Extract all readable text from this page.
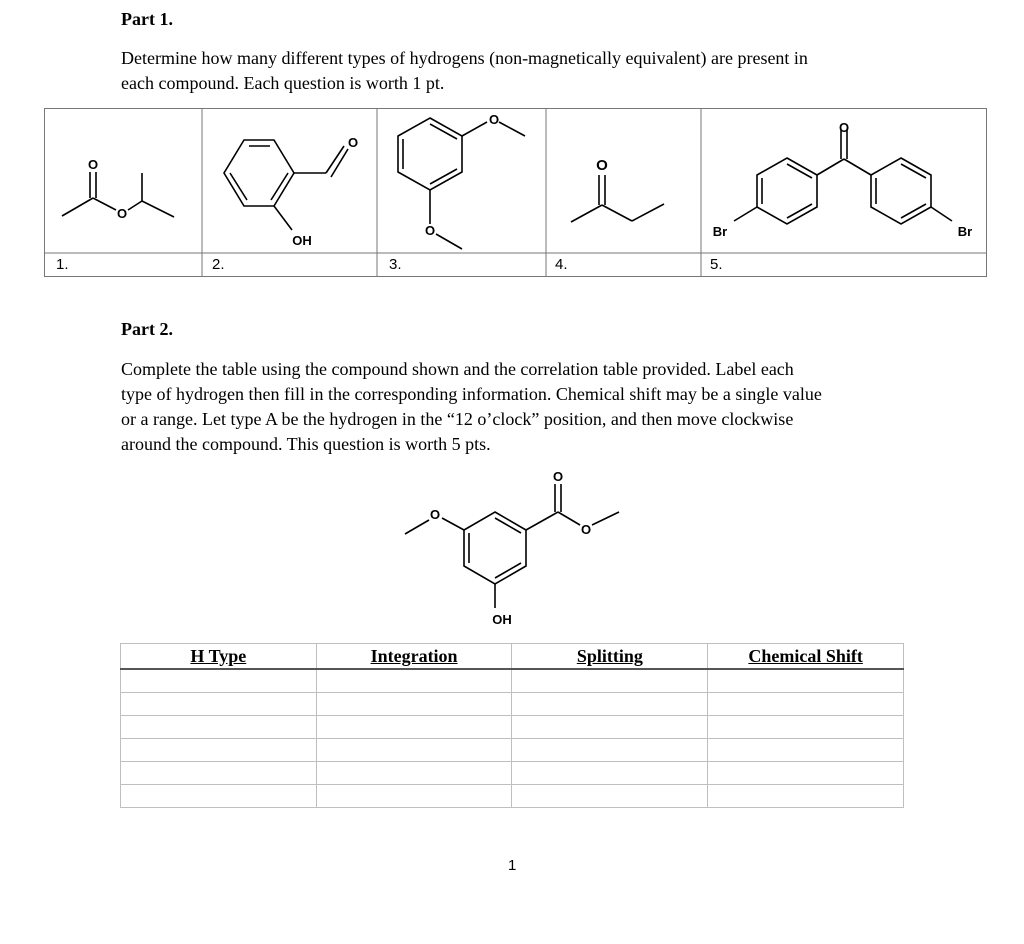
Part 1.
Determine how many different types of hydrogens (non-magnetically equivalent) are present in
each compound. Each question is worth 1 pt.
O
O
O
OH
O
O
O
O
Br	Br
1.	2.	3.	4.	5.
Part 2.
Complete the table using the compound shown and the correlation table provided. Label each
type of hydrogen then fill in the corresponding information. Chemical shift may be a single value
or a range. Let type A be the hydrogen in the “12 o’clock” position, and then move clockwise
around the compound. This question is worth 5 pts.
O
O
O
OH
H Type	Integration	Splitting	Chemical Shift

1
